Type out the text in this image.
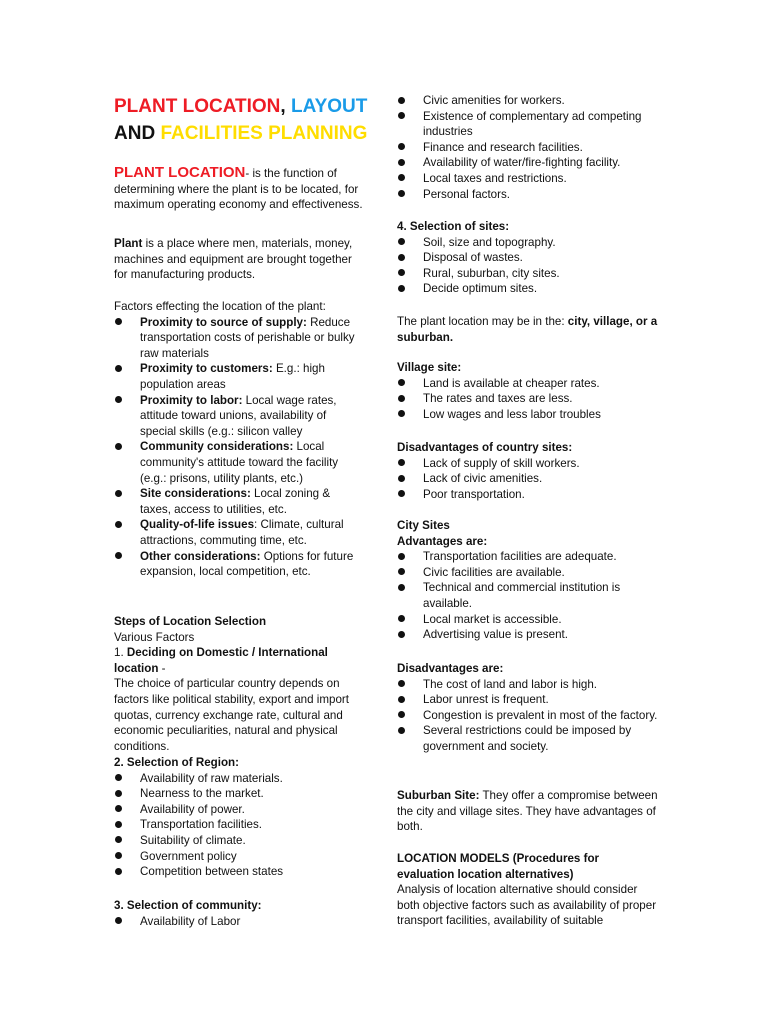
PLANT LOCATION, LAYOUT
AND FACILITIES PLANNING

PLANT LOCATION- is the function of determining where the plant is to be located, for maximum operating economy and effectiveness.

Plant is a place where men, materials, money, machines and equipment are brought together for manufacturing products.

Factors effecting the location of the plant:

Proximity to source of supply: Reduce transportation costs of perishable or bulky raw materials
Proximity to customers: E.g.: high population areas
Proximity to labor: Local wage rates, attitude toward unions, availability of special skills (e.g.: silicon valley
Community considerations: Local community's attitude toward the facility (e.g.: prisons, utility plants, etc.)
Site considerations: Local zoning & taxes, access to utilities, etc.
Quality-of-life issues: Climate, cultural attractions, commuting time, etc.
Other considerations: Options for future expansion, local competition, etc.

Steps of Location Selection

Various Factors

1. Deciding on Domestic / International location -

The choice of particular country depends on factors like political stability, export and import quotas, currency exchange rate, cultural and economic peculiarities, natural and physical conditions.

2. Selection of Region:

Availability of raw materials.
Nearness to the market.
Availability of power.
Transportation facilities.
Suitability of climate.
Government policy
Competition between states

3. Selection of community:

Availability of Labor
Civic amenities for workers.
Existence of complementary ad competing industries
Finance and research facilities.
Availability of water/fire-fighting facility.
Local taxes and restrictions.
Personal factors.

4. Selection of sites:

Soil, size and topography.
Disposal of wastes.
Rural, suburban, city sites.
Decide optimum sites.

The plant location may be in the: city, village, or a suburban.

Village site:

Land is available at cheaper rates.
The rates and taxes are less.
Low wages and less labor troubles

Disadvantages of country sites:

Lack of supply of skill workers.
Lack of civic amenities.
Poor transportation.

City Sites

Advantages are:

Transportation facilities are adequate.
Civic facilities are available.
Technical and commercial institution is available.
Local market is accessible.
Advertising value is present.

Disadvantages are:

The cost of land and labor is high.
Labor unrest is frequent.
Congestion is prevalent in most of the factory.
Several restrictions could be imposed by government and society.

Suburban Site: They offer a compromise between the city and village sites. They have advantages of both.

LOCATION MODELS (Procedures for evaluation location alternatives)

Analysis of location alternative should consider both objective factors such as availability of proper transport facilities, availability of suitable
